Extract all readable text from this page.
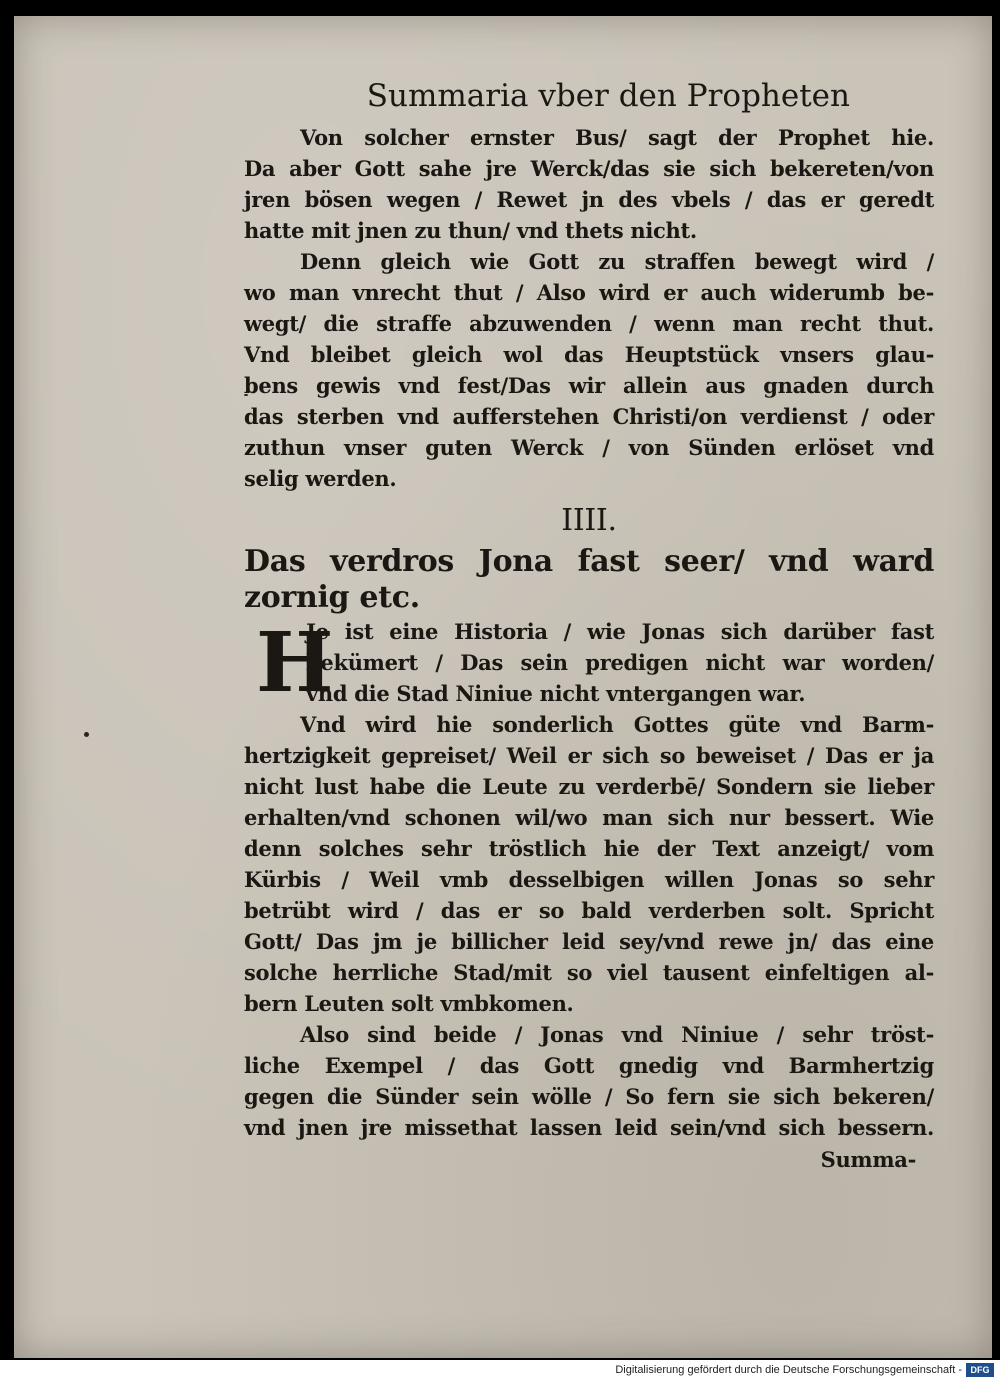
Summaria vber den Propheten
Von solcher ernster Bus/ sagt der Prophet hie.
Da aber Gott sahe jre Werck/das sie sich bekereten/von
jren bösen wegen / Rewet jn des vbels / das er geredt
hatte mit jnen zu thun/ vnd thets nicht.
Denn gleich wie Gott zu straffen bewegt wird /
wo man vnrecht thut / Also wird er auch widerumb be-
wegt/ die straffe abzuwenden / wenn man recht thut.
Vnd bleibet gleich wol das Heuptstück vnsers glau-
bens gewis vnd fest/Das wir allein aus gnaden durch
das sterben vnd aufferstehen Christi/on verdienst / oder
zuthun vnser guten Werck / von Sünden erlöset vnd
selig werden.
IIII.
Das verdros Jona fast seer/ vnd ward
zornig etc.
H
Je ist eine Historia / wie Jonas sich darüber fast
bekümert / Das sein predigen nicht war worden/
vnd die Stad Niniue nicht vntergangen war.
Vnd wird hie sonderlich Gottes güte vnd Barm-
hertzigkeit gepreiset/ Weil er sich so beweiset / Das er ja
nicht lust habe die Leute zu verderbē/ Sondern sie lieber
erhalten/vnd schonen wil/wo man sich nur bessert. Wie
denn solches sehr tröstlich hie der Text anzeigt/ vom
Kürbis / Weil vmb desselbigen willen Jonas so sehr
betrübt wird / das er so bald verderben solt. Spricht
Gott/ Das jm je billicher leid sey/vnd rewe jn/ das eine
solche herrliche Stad/mit so viel tausent einfeltigen al-
bern Leuten solt vmbkomen.
Also sind beide / Jonas vnd Niniue / sehr tröst-
liche Exempel / das Gott gnedig vnd Barmhertzig
gegen die Sünder sein wölle / So fern sie sich bekeren/
vnd jnen jre missethat lassen leid sein/vnd sich bessern.
Summa-
Digitalisierung gefördert durch die Deutsche Forschungsgemeinschaft - DFG
